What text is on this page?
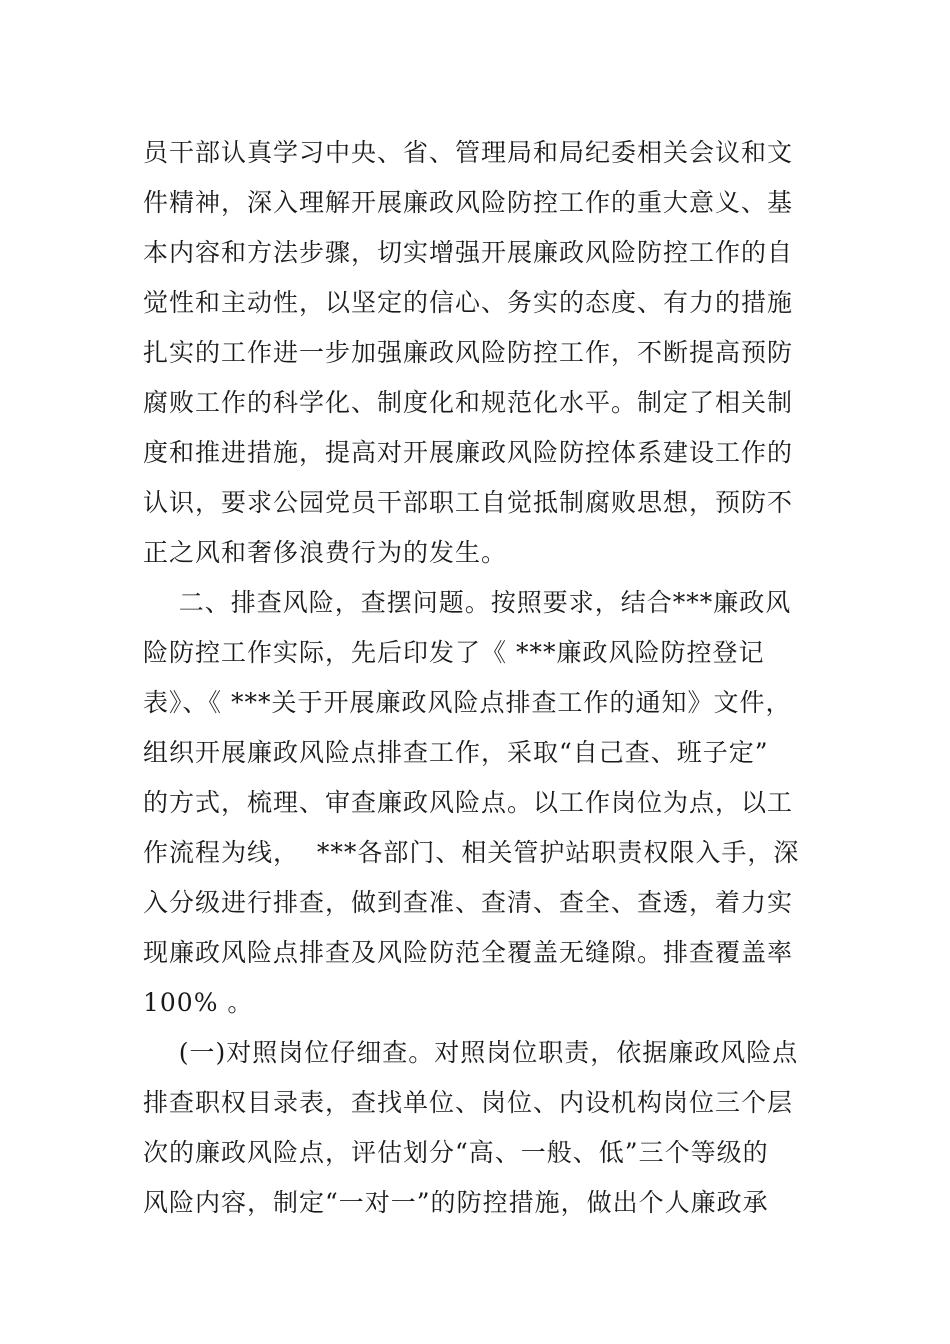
员干部认真学习中央、省、管理局和局纪委相关会议和文
件精神，深入理解开展廉政风险防控工作的重大意义、基
本内容和方法步骤，切实增强开展廉政风险防控工作的自
觉性和主动性，以坚定的信心、务实的态度、有力的措施
扎实的工作进一步加强廉政风险防控工作，不断提高预防
腐败工作的科学化、制度化和规范化水平。制定了相关制
度和推进措施，提高对开展廉政风险防控体系建设工作的
认识，要求公园党员干部职工自觉抵制腐败思想，预防不
正之风和奢侈浪费行为的发生。
二、排查风险，查摆问题。按照要求，结合***廉政风
险防控工作实际，先后印发了《 ***廉政风险防控登记
表》、《 ***关于开展廉政风险点排查工作的通知》文件，
组织开展廉政风险点排查工作，采取“自己查、班子定”
的方式，梳理、审查廉政风险点。以工作岗位为点，以工
作流程为线，  ***各部门、相关管护站职责权限入手，深
入分级进行排查，做到查准、查清、查全、查透，着力实
现廉政风险点排查及风险防范全覆盖无缝隙。排查覆盖率
100% 。
(一)对照岗位仔细查。对照岗位职责，依据廉政风险点
排查职权目录表，查找单位、岗位、内设机构岗位三个层
次的廉政风险点，评估划分“高、一般、低”三个等级的
风险内容，制定“一对一”的防控措施，做出个人廉政承
